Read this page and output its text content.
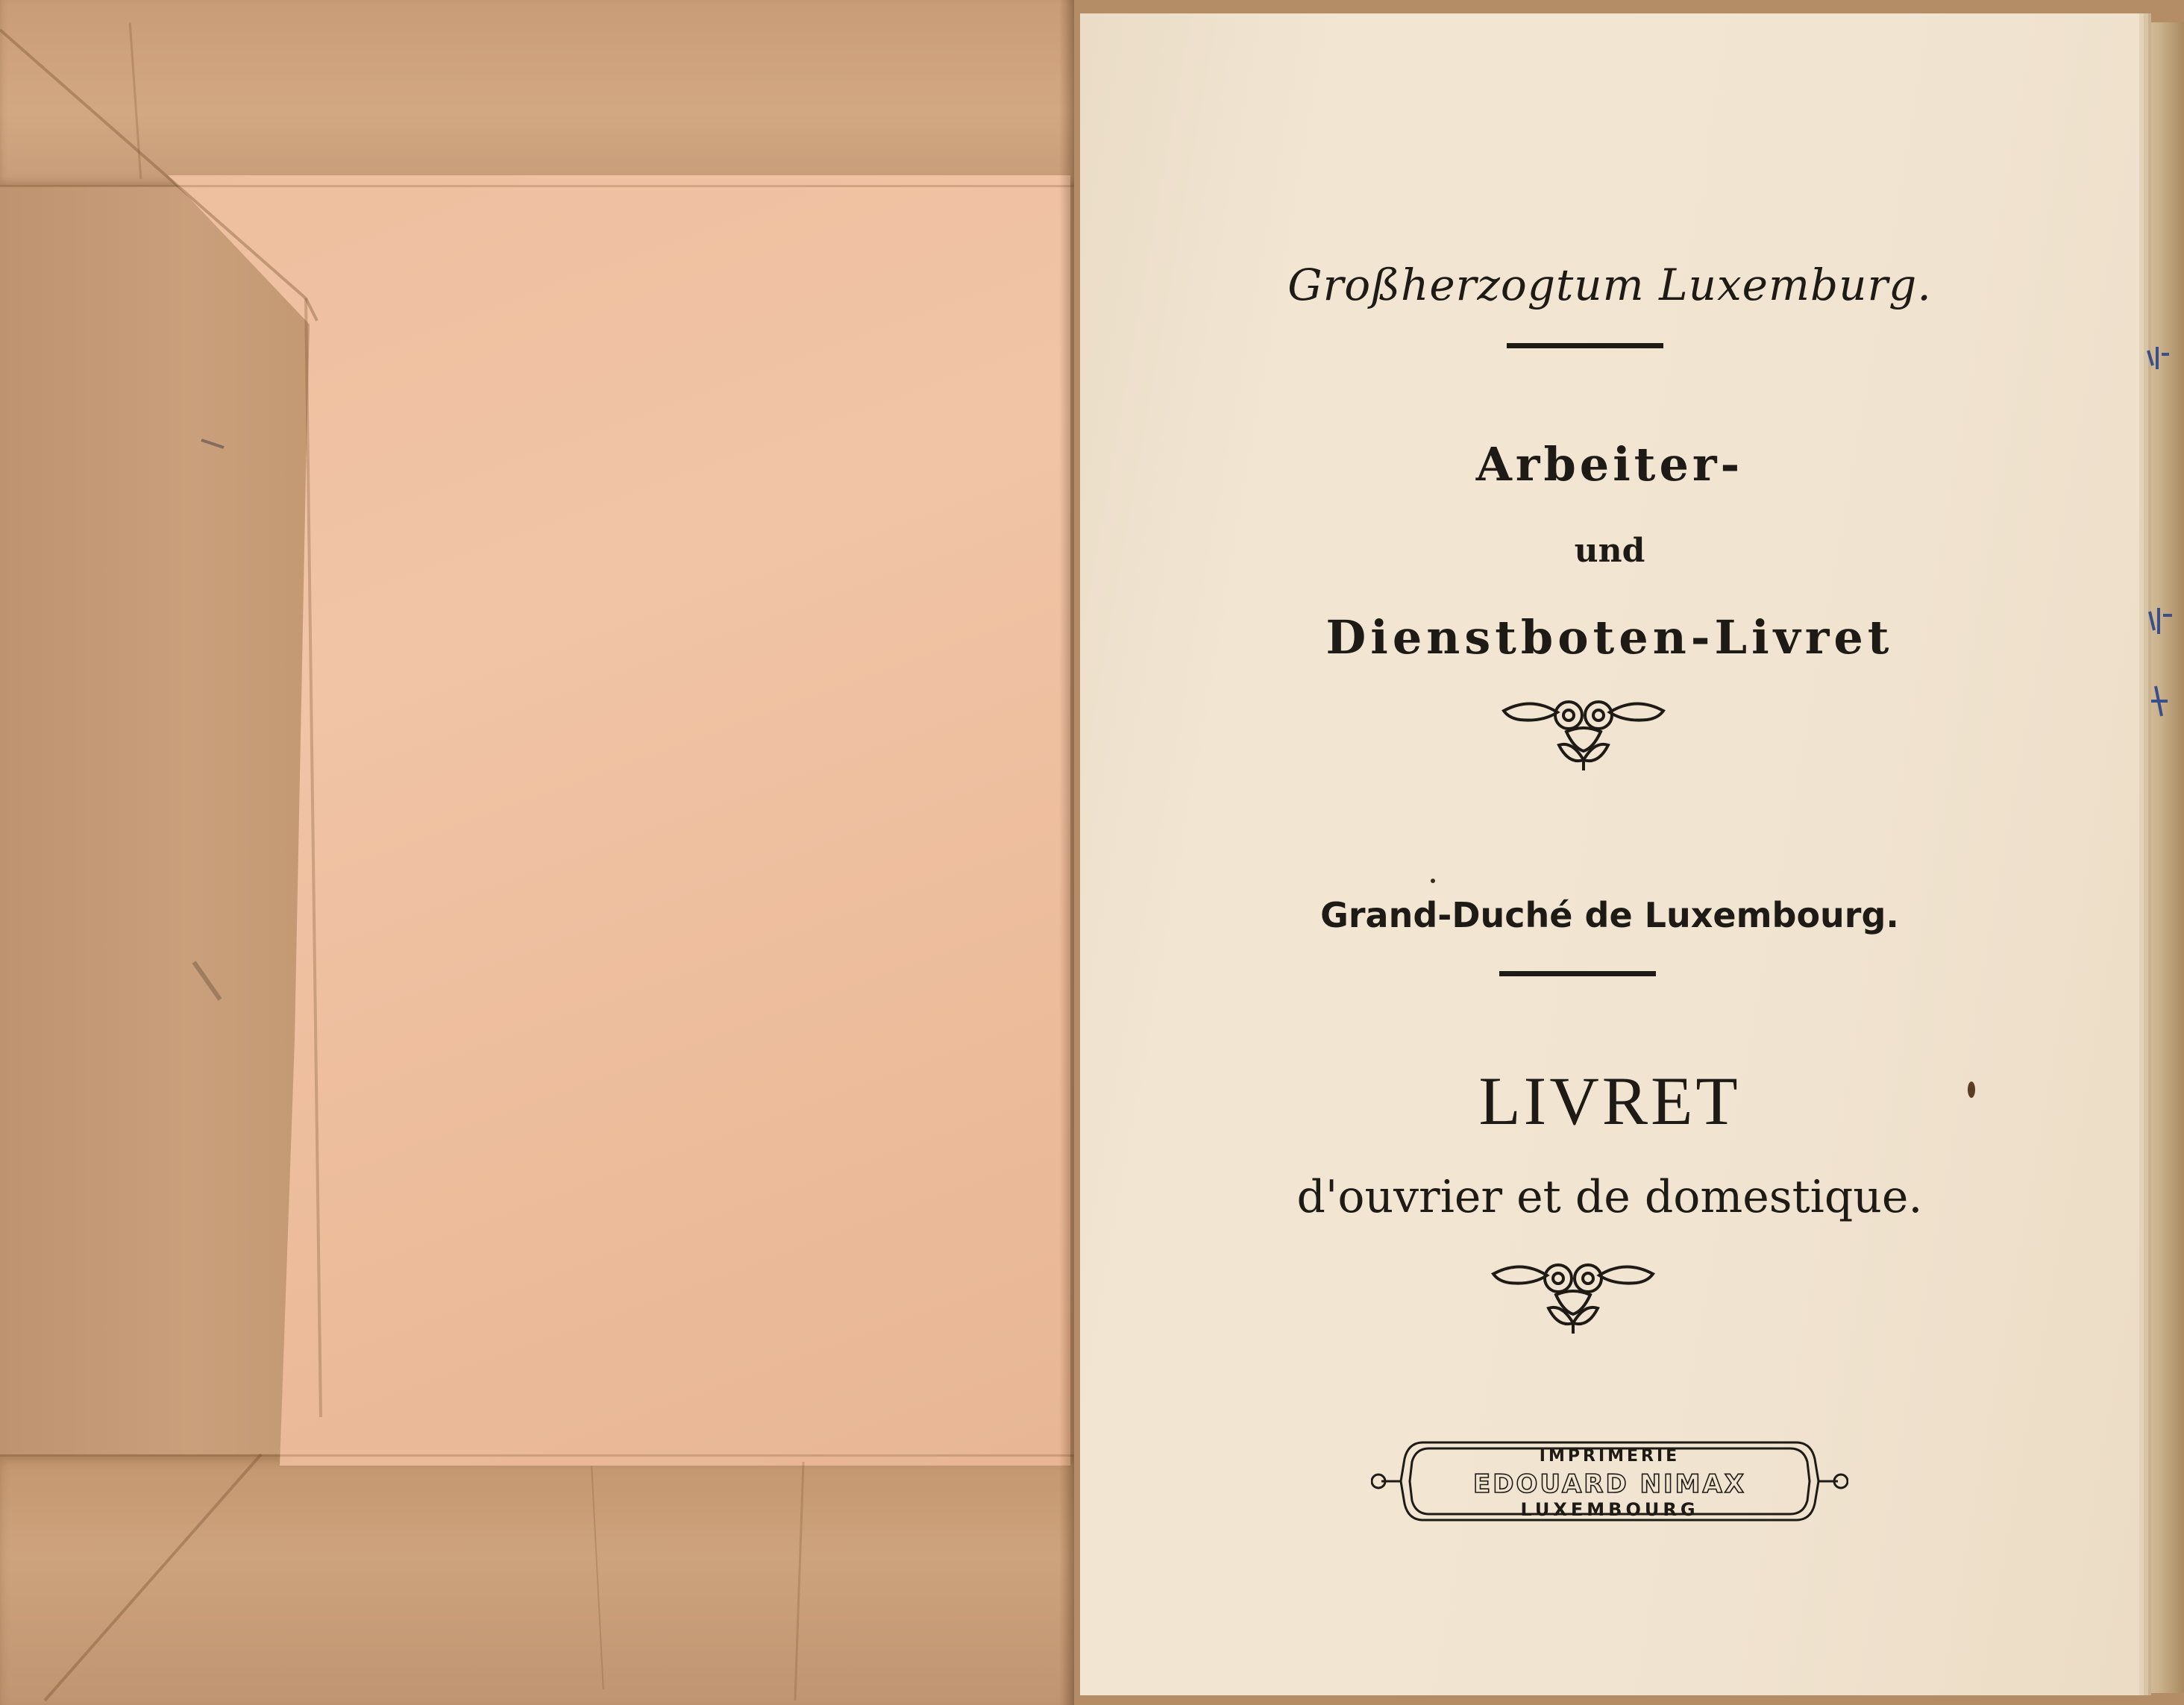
Großherzogtum Luxemburg.
Arbeiter-
und
Dienstboten-Livret
Grand-Duché de Luxembourg.
LIVRET
d'ouvrier et de domestique.
IMPRIMERIE
EDOUARD NIMAX
LUXEMBOURG
